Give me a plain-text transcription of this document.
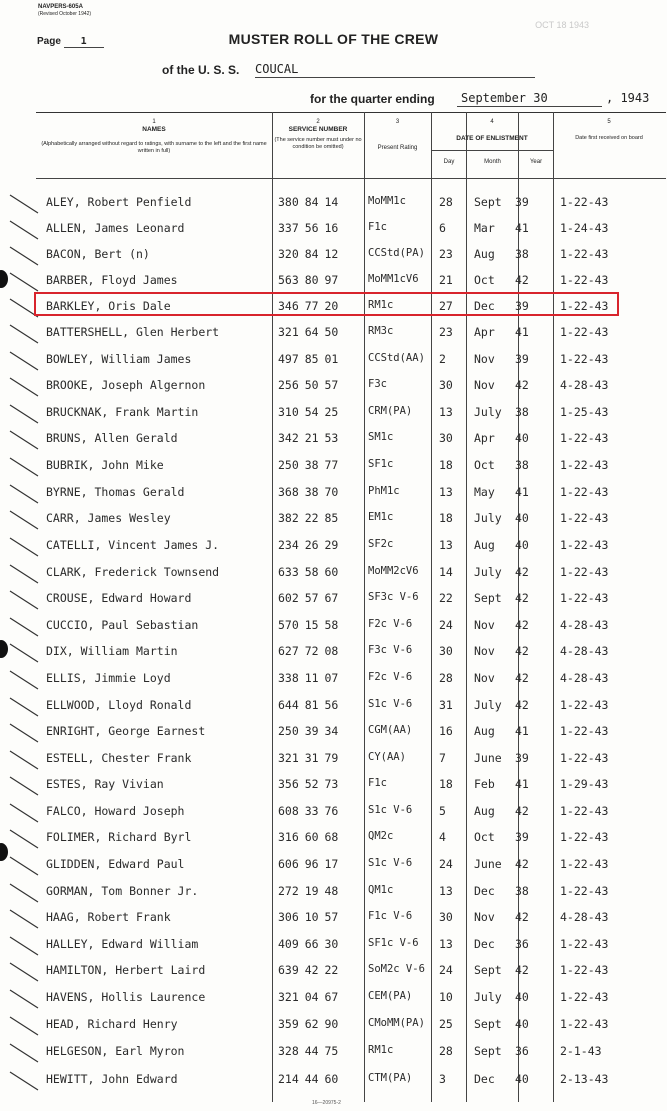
NAVPERS-605A
(Revised October 1942)
OCT 18 1943
Page 1	MUSTER ROLL OF THE CREW
of the U. S. S. COUCAL
for the quarter ending	September 30	, 1943
1
NAMES
(Alphabetically arranged without regard to ratings, with surname to the left and the first name written in full)
2
SERVICE NUMBER
(The service number must under no condition be omitted)
3
Present Rating
4
DATE OF ENLISTMENT
Day	Month	Year
5
Date first received on board
ALEY, Robert Penfield	380 84 14	MoMM1c	28 Sept 39	1-22-43
ALLEN, James Leonard	337 56 16	F1c	6 Mar 41	1-24-43
BACON, Bert (n)	320 84 12	CCStd(PA) 23 Aug 38	1-22-43
BARBER, Floyd James	563 80 97	MoMM1cV6 21 Oct 42	1-22-43
BARKLEY, Oris Dale	346 77 20	RM1c	27 Dec 39	1-22-43
BATTERSHELL, Glen Herbert	321 64 50	RM3c	23 Apr 41	1-22-43
BOWLEY, William James	497 85 01	CCStd(AA) 2 Nov 39	1-22-43
BROOKE, Joseph Algernon	256 50 57	F3c	30 Nov 42	4-28-43
BRUCKNAK, Frank Martin	310 54 25	CRM(PA) 13 July 38	1-25-43
BRUNS, Allen Gerald	342 21 53	SM1c	30 Apr 40	1-22-43
BUBRIK, John Mike	250 38 77	SF1c	18 Oct 38	1-22-43
BYRNE, Thomas Gerald	368 38 70	PhM1c	13 May 41	1-22-43
CARR, James Wesley	382 22 85	EM1c	18 July 40	1-22-43
CATELLI, Vincent James J.	234 26 29	SF2c	13 Aug 40	1-22-43
CLARK, Frederick Townsend	633 58 60	MoMM2cV6 14 July 42	1-22-43
CROUSE, Edward Howard	602 57 67	SF3c V-6 22 Sept 42	1-22-43
CUCCIO, Paul Sebastian	570 15 58	F2c V-6 24 Nov 42	4-28-43
DIX, William Martin	627 72 08	F3c V-6 30 Nov 42	4-28-43
ELLIS, Jimmie Loyd	338 11 07	F2c V-6 28 Nov 42	4-28-43
ELLWOOD, Lloyd Ronald	644 81 56	S1c V-6 31 July 42	1-22-43
ENRIGHT, George Earnest	250 39 34	CGM(AA) 16 Aug 41	1-22-43
ESTELL, Chester Frank	321 31 79	CY(AA)	7 June 39	1-22-43
ESTES, Ray Vivian	356 52 73	F1c	18 Feb 41	1-29-43
FALCO, Howard Joseph	608 33 76	S1c V-6 5 Aug 42	1-22-43
FOLIMER, Richard Byrl	316 60 68	QM2c	4 Oct 39	1-22-43
GLIDDEN, Edward Paul	606 96 17	S1c V-6 24 June 42	1-22-43
GORMAN, Tom Bonner Jr.	272 19 48	QM1c	13 Dec 38	1-22-43
HAAG, Robert Frank	306 10 57	F1c V-6 30 Nov 42	4-28-43
HALLEY, Edward William	409 66 30	SF1c V-6 13 Dec 36	1-22-43
HAMILTON, Herbert Laird	639 42 22	SoM2c V-6 24 Sept 42	1-22-43
HAVENS, Hollis Laurence	321 04 67	CEM(PA) 10 July 40	1-22-43
HEAD, Richard Henry	359 62 90	CMoMM(PA) 25 Sept 40	1-22-43
HELGESON, Earl Myron	328 44 75	RM1c	28 Sept 36	2-1-43
HEWITT, John Edward	214 44 60	CTM(PA) 3 Dec 40	2-13-43
16—20975-2
